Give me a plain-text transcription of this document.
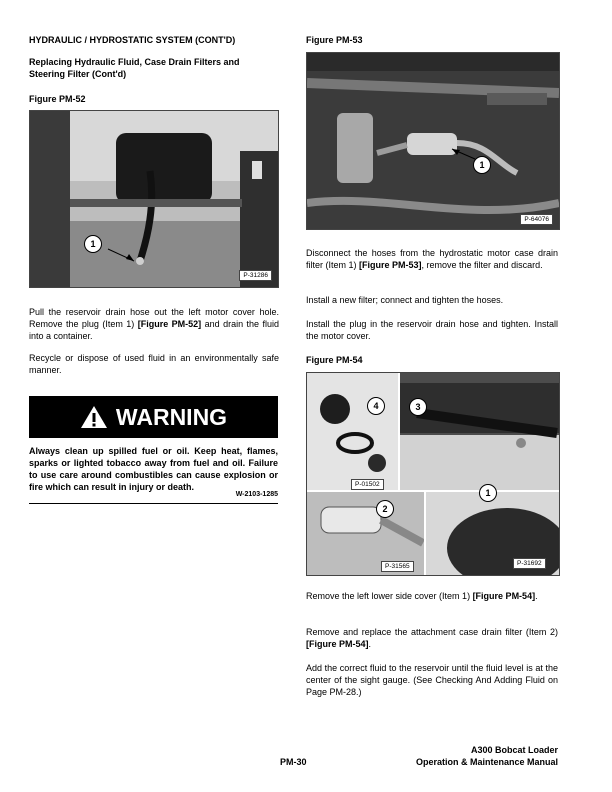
HYDRAULIC / HYDROSTATIC SYSTEM (CONT'D)
Replacing Hydraulic Fluid, Case Drain Filters and
Steering Filter (Cont'd)
Figure PM-52
1
P-31286
Pull the reservoir drain hose out the left motor cover hole. Remove the plug (Item 1) [Figure PM-52] and drain the fluid into a container.
Recycle or dispose of used fluid in an environmentally safe manner.
WARNING
Always clean up spilled fuel or oil. Keep heat, flames, sparks or lighted tobacco away from fuel and oil. Failure to use care around combustibles can cause explosion or fire which can result in injury or death.
W-2103-1285
Figure PM-53
1
P-64076
Disconnect the hoses from the hydrostatic motor case drain filter (Item 1) [Figure PM-53], remove the filter and discard.
Install a new filter; connect and tighten the hoses.
Install the plug in the reservoir drain hose and tighten. Install the motor cover.
Figure PM-54
4	3
1
2
P-01502
P-31565	P-31692
Remove the left lower side cover (Item 1) [Figure PM-54].
Remove and replace the attachment case drain filter (Item 2) [Figure PM-54].
Add the correct fluid to the reservoir until the fluid level is at the center of the sight gauge. (See Checking And Adding Fluid on Page PM-28.)
PM-30
A300 Bobcat Loader
Operation & Maintenance Manual
